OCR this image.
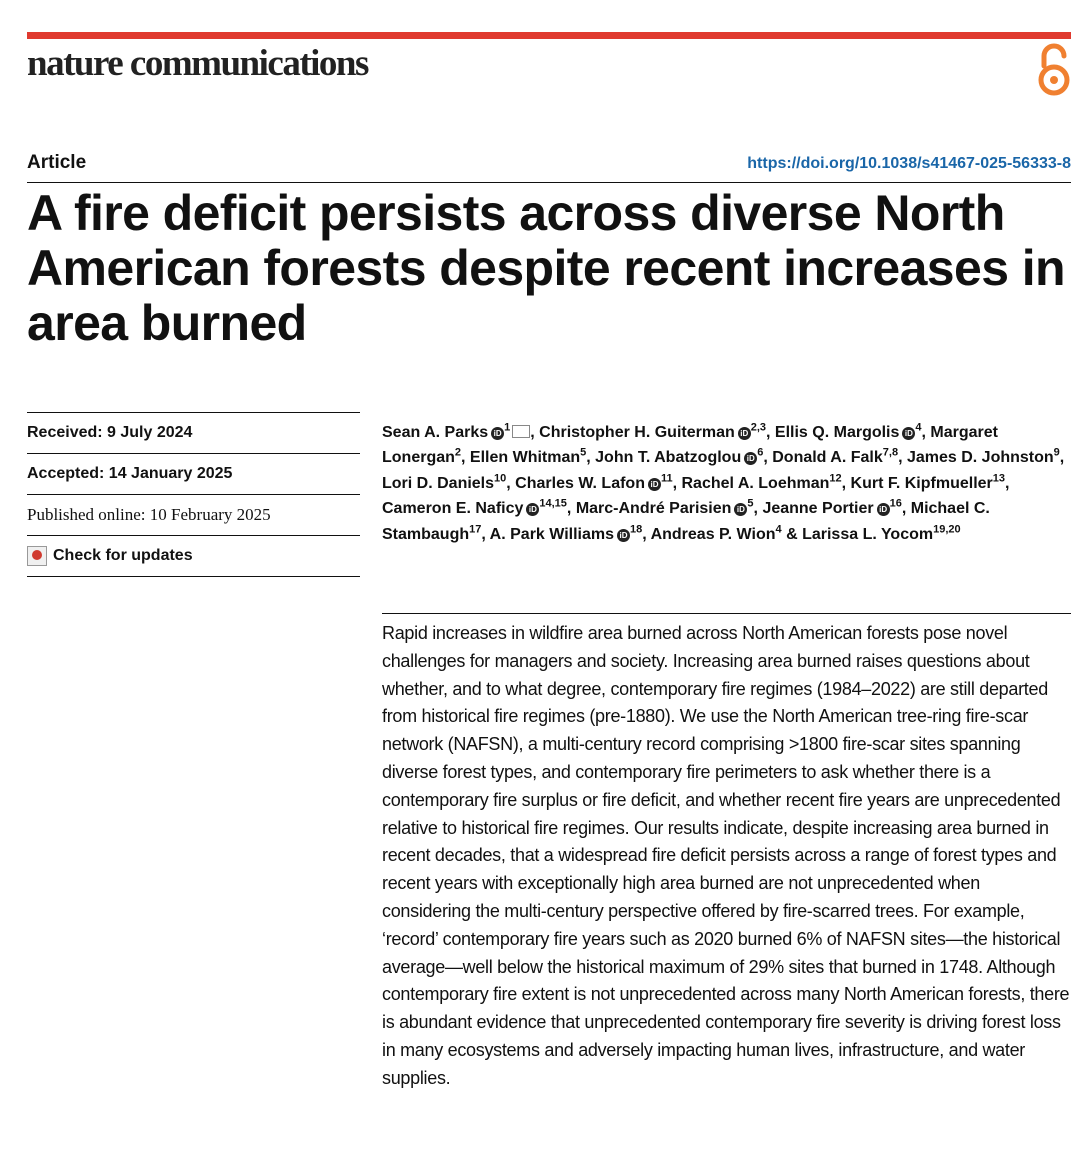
nature communications
Article	https://doi.org/10.1038/s41467-025-56333-8
A fire deficit persists across diverse North American forests despite recent increases in area burned
Received: 9 July 2024
Accepted: 14 January 2025
Published online: 10 February 2025
Check for updates
Sean A. Parks iD $^1$ , Christopher H. Guiterman iD $^{2,3}$, Ellis Q. Margolis iD $^4$, Margaret Lonergan$^2$, Ellen Whitman$^5$, John T. Abatzoglou iD $^6$, Donald A. Falk$^{7,8}$, James D. Johnston$^9$, Lori D. Daniels$^{10}$, Charles W. Lafon iD $^{11}$, Rachel A. Loehman$^{12}$, Kurt F. Kipfmueller$^{13}$, Cameron E. Naficy iD $^{14,15}$, Marc-André Parisien iD $^5$, Jeanne Portier iD $^{16}$, Michael C. Stambaugh$^{17}$, A. Park Williams iD $^{18}$, Andreas P. Wion$^4$ & Larissa L. Yocom$^{19,20}$

Rapid increases in wildfire area burned across North American forests pose novel challenges for managers and society. Increasing area burned raises questions about whether, and to what degree, contemporary fire regimes (1984–2022) are still departed from historical fire regimes (pre-1880). We use the North American tree-ring fire-scar network (NAFSN), a multi-century record comprising >1800 fire-scar sites spanning diverse forest types, and contemporary fire perimeters to ask whether there is a contemporary fire surplus or fire deficit, and whether recent fire years are unprecedented relative to historical fire regimes. Our results indicate, despite increasing area burned in recent decades, that a widespread fire deficit persists across a range of forest types and recent years with exceptionally high area burned are not unprecedented when considering the multi-century perspective offered by fire-scarred trees. For example, ‘record’ contemporary fire years such as 2020 burned 6% of NAFSN sites—the historical average—well below the historical maximum of 29% sites that burned in 1748. Although contemporary fire extent is not unprecedented across many North American forests, there is abundant evidence that unprecedented contemporary fire severity is driving forest loss in many ecosystems and adversely impacting human lives, infrastructure, and water supplies.
